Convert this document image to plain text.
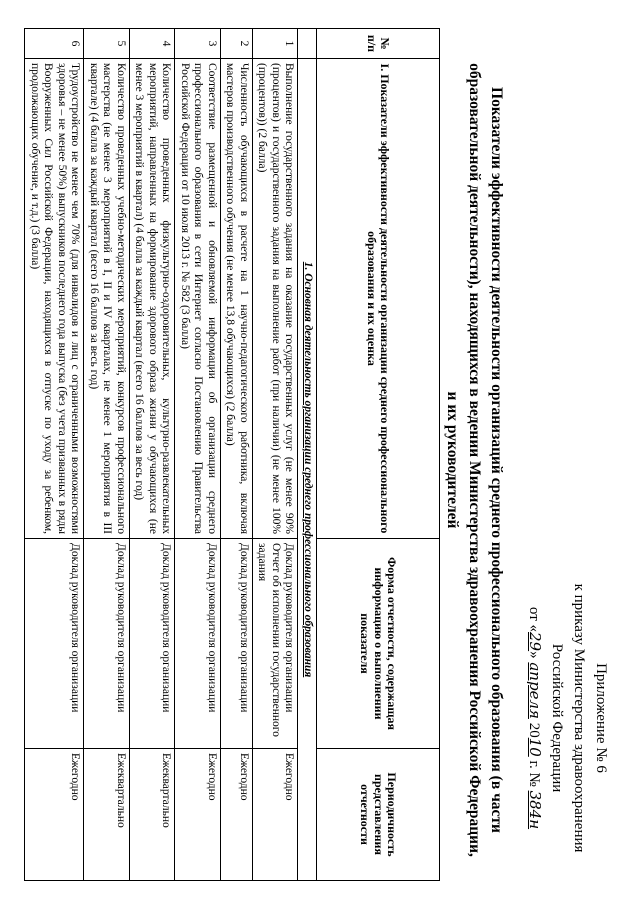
Приложение № 6
к приказу Министерства здравоохранения
Российской Федерации
от «29» апреля 2010 г. № 384н
Показатели эффективности деятельности организаций среднего профессионального образования (в части
образовательной деятельности), находящихся в ведении Министерства здравоохранения Российской Федерации,
и их руководителей
№ п/п	I. Показатели эффективности деятельности организации среднего профессионального образования и их оценка	Форма отчетности, содержащая информацию о выполнении показателя	Периодичность представления отчетности
	1. Основная деятельность организации среднего профессионального образования		
1	Выполнение государственного задания на оказание государственных услуг (не менее 90% (процентов) и государственного задания на выполнение работ (при наличии) (не менее 100% (процентов)) (2 балла)	Доклад руководителя организации Отчет об исполнении государственного задания	Ежегодно
2	Численность обучающихся в расчете на 1 научно-педагогического работника, включая мастеров производственного обучения (не менее 13,8 обучающихся) (2 балла)	Доклад руководителя организации	Ежегодно
3	Соответствие размещенной и обновляемой информации об организации среднего профессионального образования в сети Интернет согласно Постановлению Правительства Российской Федерации от 10 июля 2013 г. № 582 (3 балла)	Доклад руководителя организации	Ежегодно
4	Количество проведенных физкультурно-оздоровительных, культурно-развлекательных мероприятий, направленных на формирование здорового образа жизни у обучающихся (не менее 3 мероприятий в квартал) (4 балла за каждый квартал (всего 16 баллов за весь год)	Доклад руководителя организации	Ежеквартально
5	Количество проведенных учебно-методических мероприятий, конкурсов профессионального мастерства (не менее 3 мероприятий в I, II и IV кварталах, не менее 1 мероприятия в III квартале) (4 балла за каждый квартал (всего 16 баллов за весь год)	Доклад руководителя организации	Ежеквартально
6	Трудоустройство не менее чем 70% (для инвалидов и лиц с ограниченными возможностями здоровья – не менее 50%) выпускников последнего года выпуска (без учета призванных в ряды Вооруженных Сил Российской Федерации, находящихся в отпуске по уходу за ребенком, продолжающих обучение, и т.д.) (3 балла)	Доклад руководителя организации	Ежегодно
